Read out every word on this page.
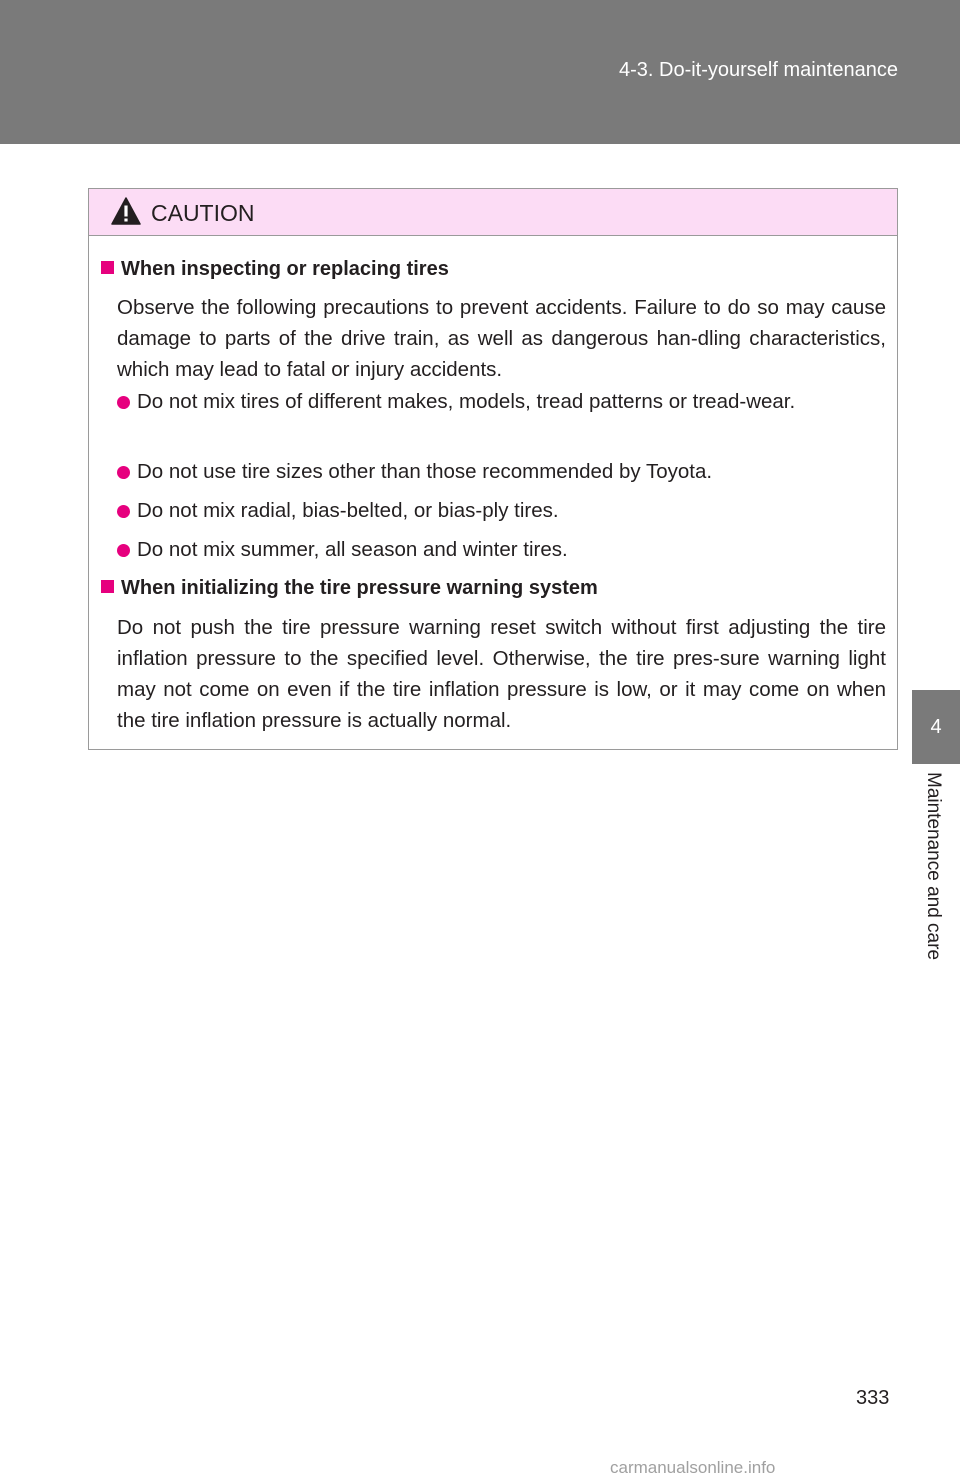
4-3. Do-it-yourself maintenance
4
Maintenance and care
CAUTION
When inspecting or replacing tires
Observe the following precautions to prevent accidents. Failure to do so may cause damage to parts of the drive train, as well as dangerous han-dling characteristics, which may lead to fatal or injury accidents.
Do not mix tires of different makes, models, tread patterns or tread-wear.
Do not use tire sizes other than those recommended by Toyota.
Do not mix radial, bias-belted, or bias-ply tires.
Do not mix summer, all season and winter tires.
When initializing the tire pressure warning system
Do not push the tire pressure warning reset switch without first adjusting the tire inflation pressure to the specified level. Otherwise, the tire pres-sure warning light may not come on even if the tire inflation pressure is low, or it may come on when the tire inflation pressure is actually normal.
333
carmanualsonline.info
